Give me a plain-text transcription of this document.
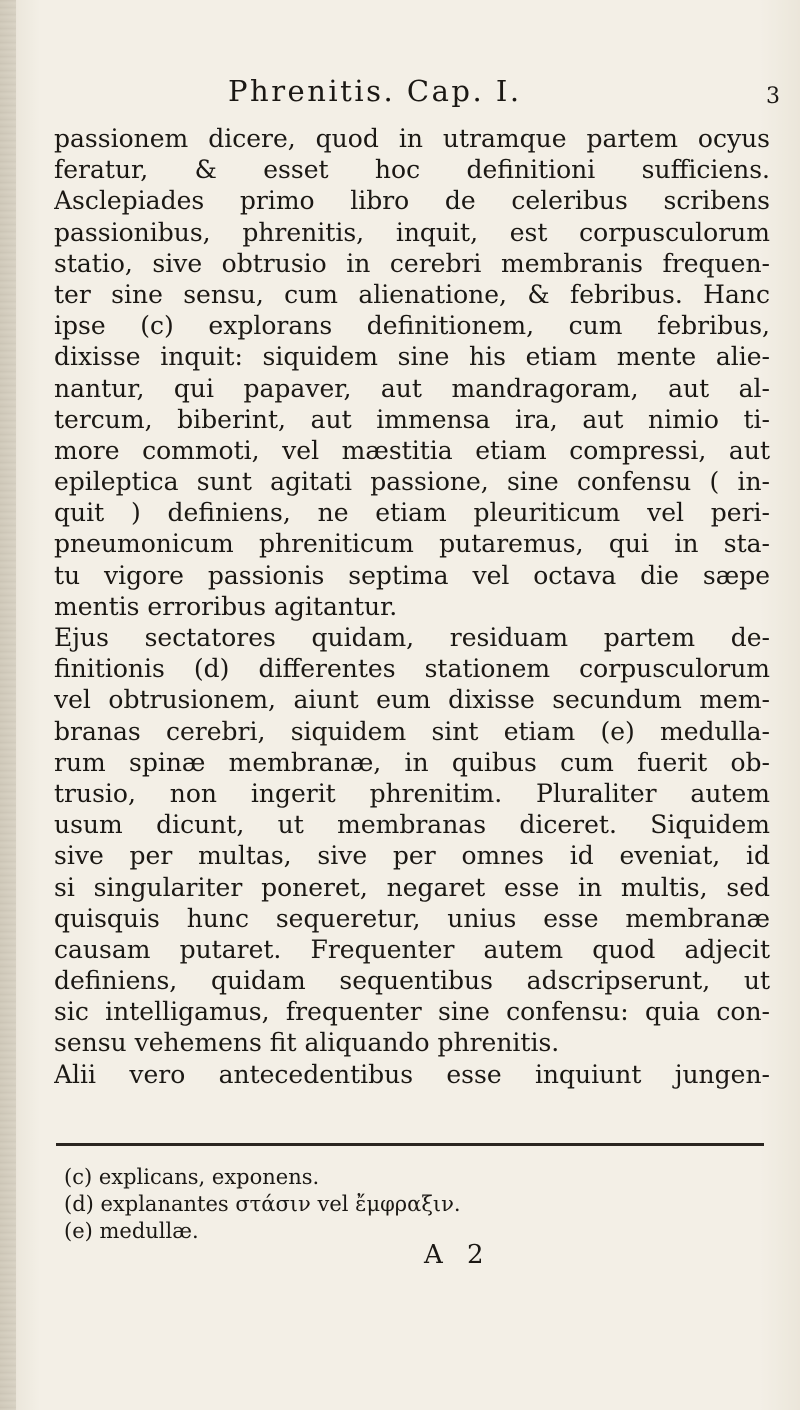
Phrenitis. Cap. I.	3
passionem dicere, quod in utramque partem ocyus
feratur, & esset hoc definitioni sufficiens.
Asclepiades primo libro de celeribus scribens
passionibus, phrenitis, inquit, est corpusculorum
statio, sive obtrusio in cerebri membranis frequen-
ter sine sensu, cum alienatione, & febribus. Hanc
ipse (c) explorans definitionem, cum febribus,
dixisse inquit: siquidem sine his etiam mente alie-
nantur, qui papaver, aut mandragoram, aut al-
tercum, biberint, aut immensa ira, aut nimio ti-
more commoti, vel mæstitia etiam compressi, aut
epileptica sunt agitati passione, sine confensu ( in-
quit ) definiens, ne etiam pleuriticum vel peri-
pneumonicum phreniticum putaremus, qui in sta-
tu vigore passionis septima vel octava die sæpe
mentis erroribus agitantur.
Ejus sectatores quidam, residuam partem de-
finitionis (d) differentes stationem corpusculorum
vel obtrusionem, aiunt eum dixisse secundum mem-
branas cerebri, siquidem sint etiam (e) medulla-
rum spinæ membranæ, in quibus cum fuerit ob-
trusio, non ingerit phrenitim. Pluraliter autem
usum dicunt, ut membranas diceret. Siquidem
sive per multas, sive per omnes id eveniat, id
si singulariter poneret, negaret esse in multis, sed
quisquis hunc sequeretur, unius esse membranæ
causam putaret. Frequenter autem quod adjecit
definiens, quidam sequentibus adscripserunt, ut
sic intelligamus, frequenter sine confensu: quia con-
sensu vehemens fit aliquando phrenitis.
Alii vero antecedentibus esse inquiunt jungen-
(c) explicans, exponens.
(d) explanantes στάσιν vel ἔμφραξιν.
(e) medullæ.
A 2
